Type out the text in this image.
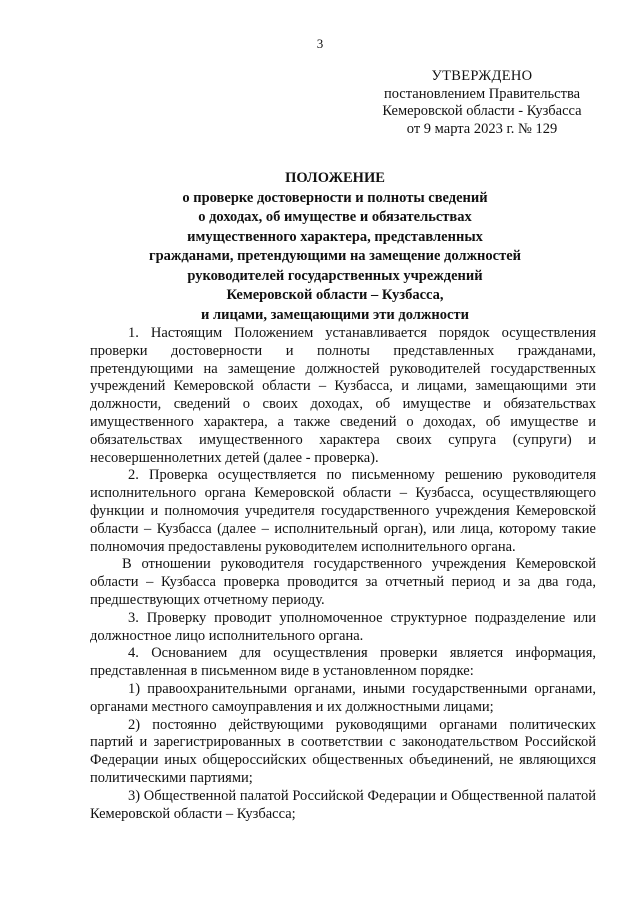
3
УТВЕРЖДЕНО
постановлением Правительства
Кемеровской области - Кузбасса
от 9 марта 2023 г. № 129
ПОЛОЖЕНИЕ
о проверке достоверности и полноты сведений
о доходах, об имуществе и обязательствах
имущественного характера, представленных
гражданами, претендующими на замещение должностей
руководителей государственных учреждений
Кемеровской области – Кузбасса,
и лицами, замещающими эти должности

1. Настоящим Положением устанавливается порядок осуществления проверки достоверности и полноты представленных гражданами, претендующими на замещение должностей руководителей государственных учреждений Кемеровской области – Кузбасса, и лицами, замещающими эти должности, сведений о своих доходах, об имуществе и обязательствах имущественного характера, а также сведений о доходах, об имуществе и обязательствах имущественного характера своих супруга (супруги) и несовершеннолетних детей (далее - проверка).

2. Проверка осуществляется по письменному решению руководителя исполнительного органа Кемеровской области – Кузбасса, осуществляющего функции и полномочия учредителя государственного учреждения Кемеровской области – Кузбасса (далее – исполнительный орган), или лица, которому такие полномочия предоставлены руководителем исполнительного органа.

В отношении руководителя государственного учреждения Кемеровской области – Кузбасса проверка проводится за отчетный период и за два года, предшествующих отчетному периоду.

3. Проверку проводит уполномоченное структурное подразделение или должностное лицо исполнительного органа.

4. Основанием для осуществления проверки является информация, представленная в письменном виде в установленном порядке:

1) правоохранительными органами, иными государственными органами, органами местного самоуправления и их должностными лицами;

2) постоянно действующими руководящими органами политических партий и зарегистрированных в соответствии с законодательством Российской Федерации иных общероссийских общественных объединений, не являющихся политическими партиями;

3) Общественной палатой Российской Федерации и Общественной палатой Кемеровской области – Кузбасса;
